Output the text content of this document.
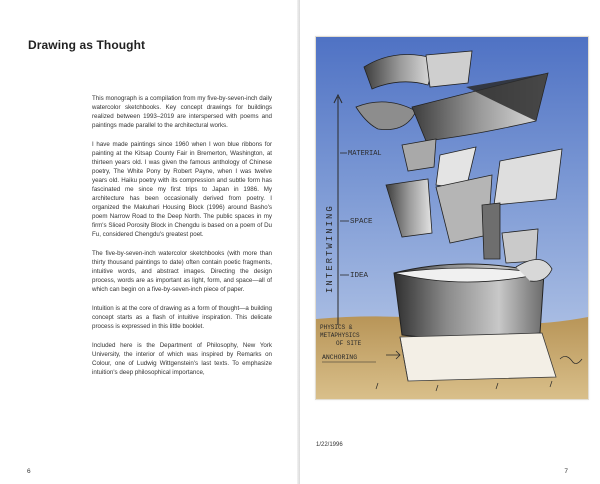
Drawing as Thought

This monograph is a compilation from my five-by-seven-inch daily watercolor sketchbooks. Key concept drawings for buildings realized between 1993–2019 are interspersed with poems and paintings made parallel to the architectural works.

I have made paintings since 1960 when I won blue ribbons for painting at the Kitsap County Fair in Bremerton, Washington, at thirteen years old. I was given the famous anthology of Chinese poetry, The White Pony by Robert Payne, when I was twelve years old. Haiku poetry with its compression and subtle form has fascinated me since my first trips to Japan in 1986. My architecture has been occasionally derived from poetry. I organized the Makuhari Housing Block (1996) around Basho's poem Narrow Road to the Deep North. The public spaces in my firm's Sliced Porosity Block in Chengdu is based on a poem of Du Fu, considered Chengdu's greatest poet.

The five-by-seven-inch watercolor sketchbooks (with more than thirty thousand paintings to date) often contain poetic fragments, intuitive words, and abstract images. Directing the design process, words are as important as light, form, and space—all of which can begin on a five-by-seven-inch piece of paper.

Intuition is at the core of drawing as a form of thought—a building concept starts as a flash of intuitive inspiration. This delicate process is expressed in this little booklet.

Included here is the Department of Philosophy, New York University, the interior of which was inspired by Remarks on Colour, one of Ludwig Wittgenstein's last texts. To emphasize intuition's deep philosophical importance,

6
INTERTWINING
MATERIAL
SPACE
IDEA
PHYSICS &
METAPHYSICS
OF SITE
ANCHORING
1/22/1996
7
